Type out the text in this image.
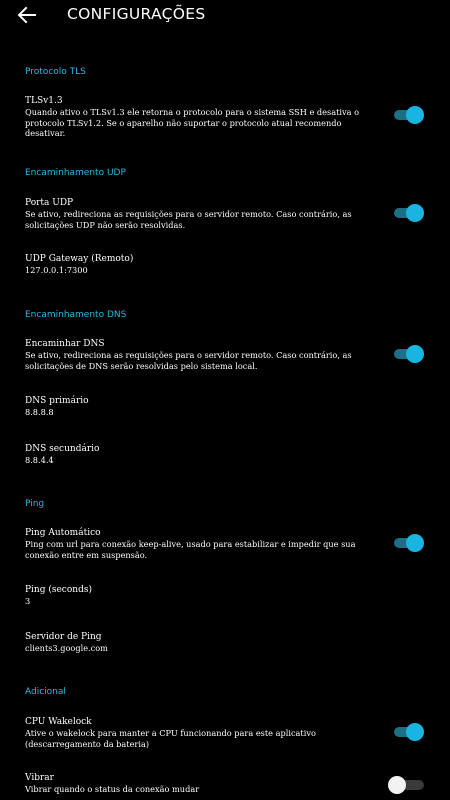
CONFIGURAÇÕES
Protocolo TLS
TLSv1.3
Quando ativo o TLSv1.3 ele retorna o protocolo para o sistema SSH e desativa o protocolo TLSv1.2. Se o aparelho não suportar o protocolo atual recomendo desativar.
Encaminhamento UDP
Porta UDP
Se ativo, redireciona as requisições para o servidor remoto. Caso contrário, as solicitações UDP não serão resolvidas.
UDP Gateway (Remoto)
127.0.0.1:7300
Encaminhamento DNS
Encaminhar DNS
Se ativo, redireciona as requisições para o servidor remoto. Caso contrário, as solicitações de DNS serão resolvidas pelo sistema local.
DNS primário
8.8.8.8
DNS secundário
8.8.4.4
Ping
Ping Automático
Ping com url para conexão keep-alive, usado para estabilizar e impedir que sua conexão entre em suspensão.
Ping (seconds)
3
Servidor de Ping
clients3.google.com
Adicional
CPU Wakelock
Ative o wakelock para manter a CPU funcionando para este aplicativo (descarregamento da bateria)
Vibrar
Vibrar quando o status da conexão mudar
